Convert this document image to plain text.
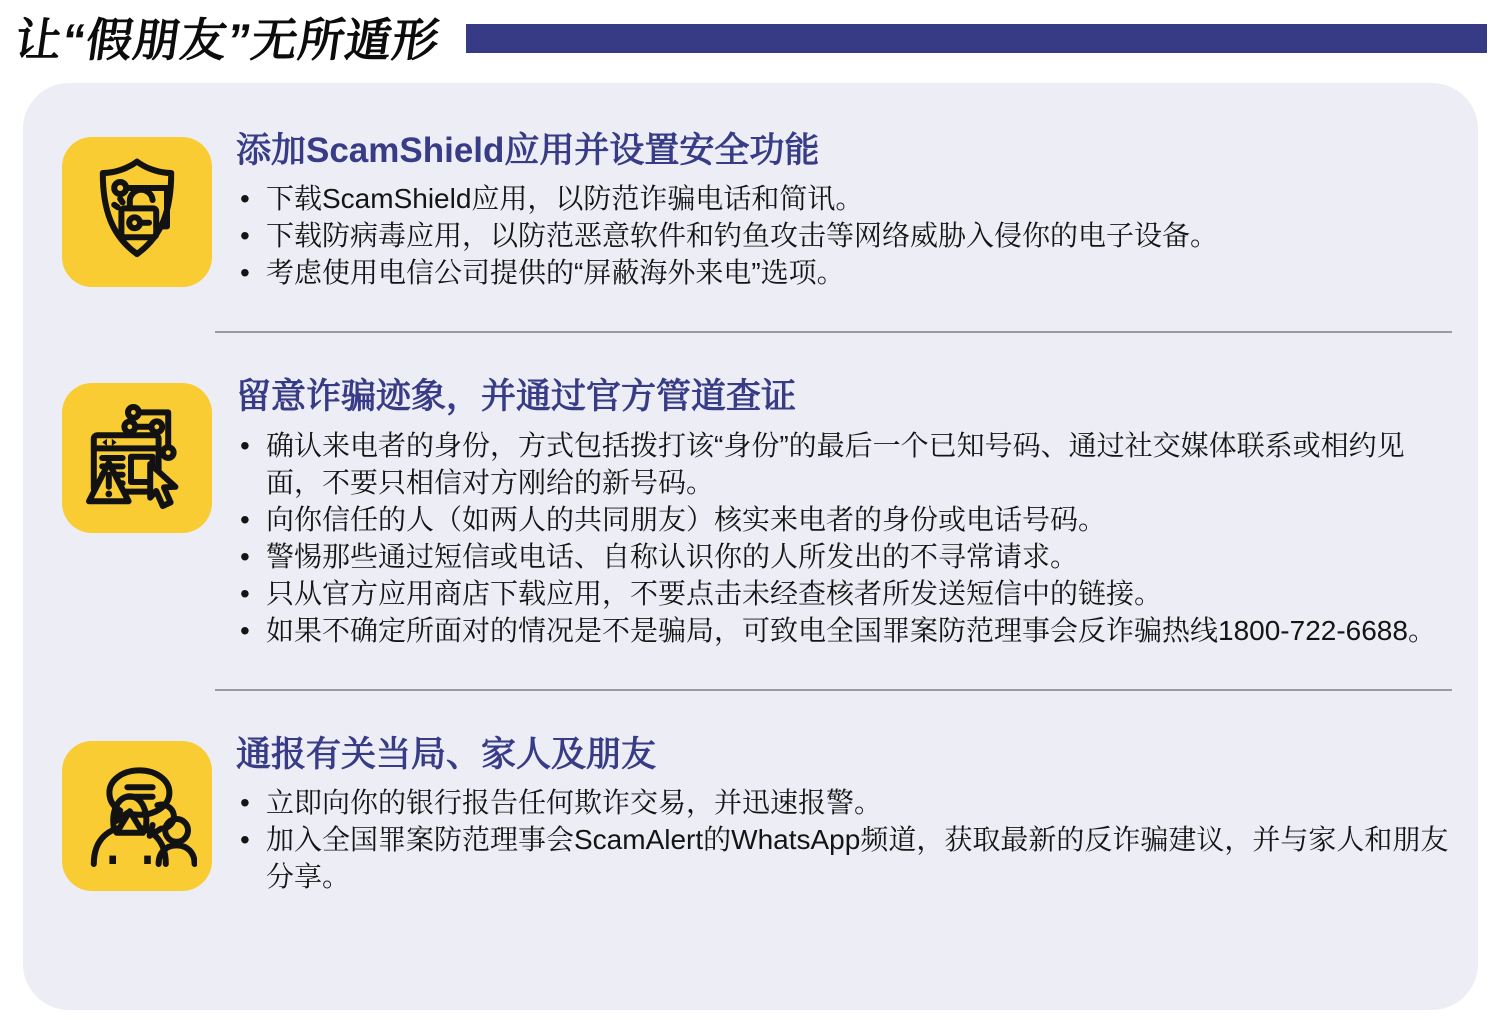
让“假朋友”无所遁形
添加ScamShield应用并设置安全功能
• 下载ScamShield应用，以防范诈骗电话和简讯。
• 下载防病毒应用，以防范恶意软件和钓鱼攻击等网络威胁入侵你的电子设备。
• 考虑使用电信公司提供的“屏蔽海外来电”选项。
留意诈骗迹象，并通过官方管道查证
• 确认来电者的身份，方式包括拨打该“身份”的最后一个已知号码、通过社交媒体联系或相约见面，不要只相信对方刚给的新号码。
• 向你信任的人（如两人的共同朋友）核实来电者的身份或电话号码。
• 警惕那些通过短信或电话、自称认识你的人所发出的不寻常请求。
• 只从官方应用商店下载应用，不要点击未经查核者所发送短信中的链接。
• 如果不确定所面对的情况是不是骗局，可致电全国罪案防范理事会反诈骗热线1800-722-6688。
通报有关当局、家人及朋友
• 立即向你的银行报告任何欺诈交易，并迅速报警。
• 加入全国罪案防范理事会ScamAlert的WhatsApp频道，获取最新的反诈骗建议，并与家人和朋友分享。
